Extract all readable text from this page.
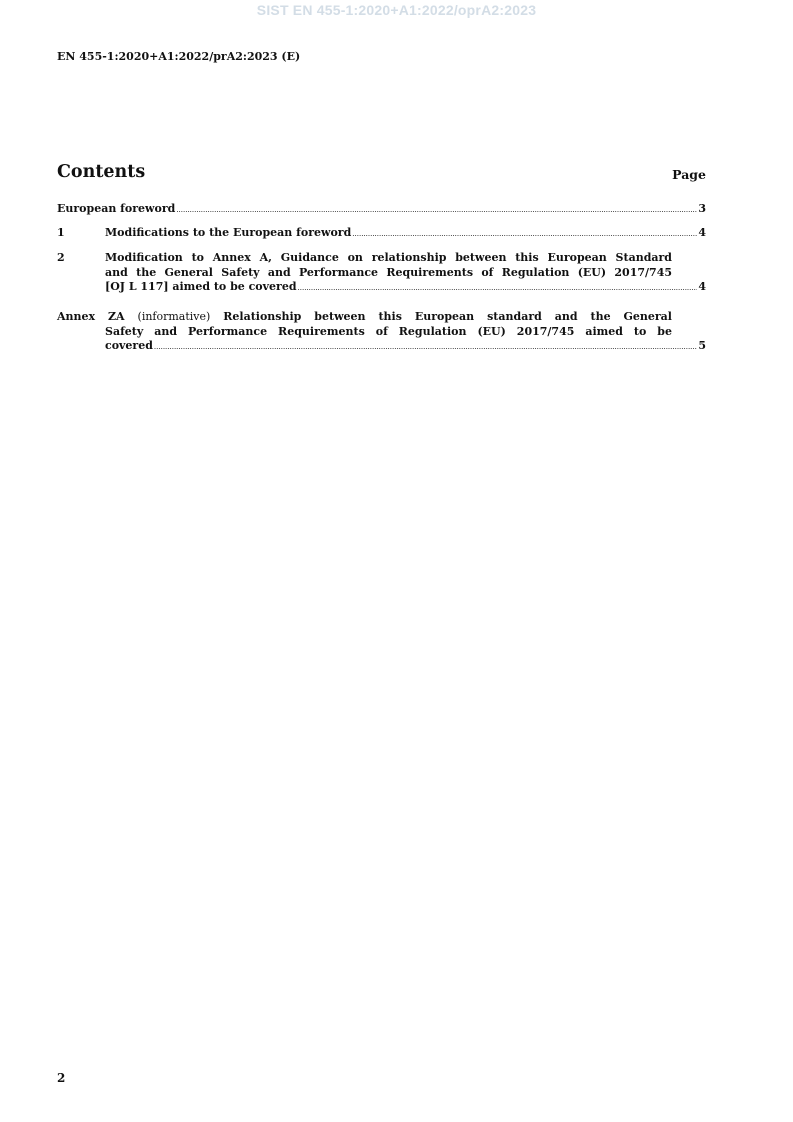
SIST EN 455-1:2020+A1:2022/oprA2:2023
EN 455-1:2020+A1:2022/prA2:2023 (E)
Contents	Page
European foreword .....	3
1	Modifications to the European foreword .....	4
2	Modification to Annex A, Guidance on relationship between this European Standard
and the General Safety and Performance Requirements of Regulation (EU) 2017/745
[OJ L 117] aimed to be covered .....	4
Annex ZA (informative) Relationship between this European standard and the General
Safety and Performance Requirements of Regulation (EU) 2017/745 aimed to be
covered .....	5
2
